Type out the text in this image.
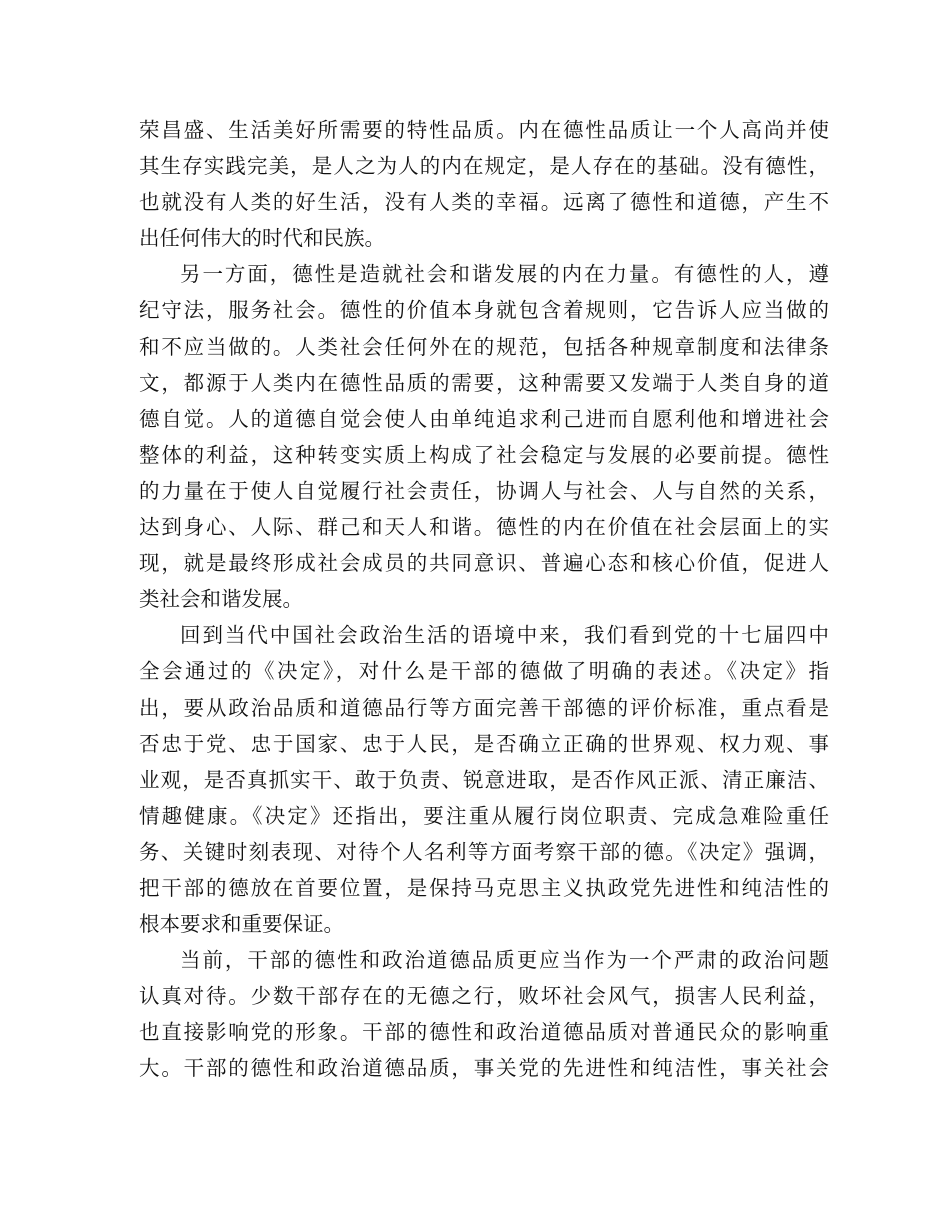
荣昌盛、生活美好所需要的特性品质。内在德性品质让一个人高尚并使
其生存实践完美，是人之为人的内在规定，是人存在的基础。没有德性，
也就没有人类的好生活，没有人类的幸福。远离了德性和道德，产生不
出任何伟大的时代和民族。
另一方面，德性是造就社会和谐发展的内在力量。有德性的人，遵
纪守法，服务社会。德性的价值本身就包含着规则，它告诉人应当做的
和不应当做的。人类社会任何外在的规范，包括各种规章制度和法律条
文，都源于人类内在德性品质的需要，这种需要又发端于人类自身的道
德自觉。人的道德自觉会使人由单纯追求利己进而自愿利他和增进社会
整体的利益，这种转变实质上构成了社会稳定与发展的必要前提。德性
的力量在于使人自觉履行社会责任，协调人与社会、人与自然的关系，
达到身心、人际、群己和天人和谐。德性的内在价值在社会层面上的实
现，就是最终形成社会成员的共同意识、普遍心态和核心价值，促进人
类社会和谐发展。
回到当代中国社会政治生活的语境中来，我们看到党的十七届四中
全会通过的《决定》，对什么是干部的德做了明确的表述。《决定》指
出，要从政治品质和道德品行等方面完善干部德的评价标准，重点看是
否忠于党、忠于国家、忠于人民，是否确立正确的世界观、权力观、事
业观，是否真抓实干、敢于负责、锐意进取，是否作风正派、清正廉洁、
情趣健康。《决定》还指出，要注重从履行岗位职责、完成急难险重任
务、关键时刻表现、对待个人名利等方面考察干部的德。《决定》强调，
把干部的德放在首要位置，是保持马克思主义执政党先进性和纯洁性的
根本要求和重要保证。
当前，干部的德性和政治道德品质更应当作为一个严肃的政治问题
认真对待。少数干部存在的无德之行，败坏社会风气，损害人民利益，
也直接影响党的形象。干部的德性和政治道德品质对普通民众的影响重
大。干部的德性和政治道德品质，事关党的先进性和纯洁性，事关社会
